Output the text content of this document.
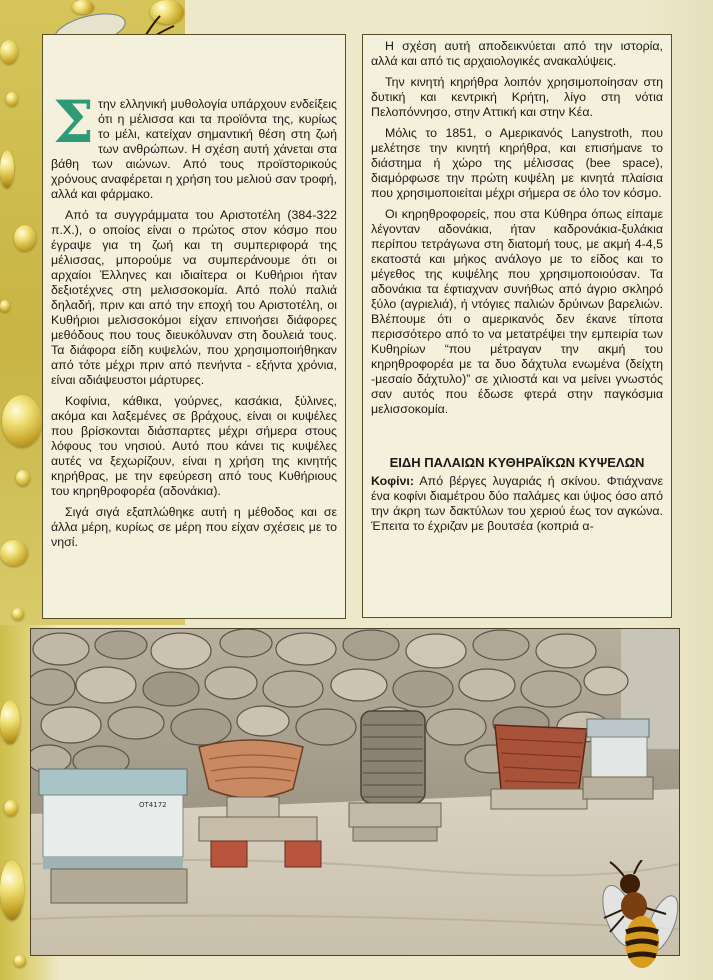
Στην ελληνική μυθολογία υπάρχουν ενδείξεις ότι η μέλισσα και τα προϊόντα της, κυρίως το μέλι, κατείχαν σημαντική θέση στη ζωή των ανθρώπων. Η σχέση αυτή χάνεται στα βάθη των αιώνων. Από τους προϊστορικούς χρόνους αναφέρεται η χρήση του μελιού σαν τροφή, αλλά και φάρμακο.

Από τα συγγράμματα του Αριστοτέλη (384-322 π.Χ.), ο οποίος είναι ο πρώτος στον κόσμο που έγραψε για τη ζωή και τη συμπεριφορά της μέλισσας, μπορούμε να συμπεράνουμε ότι οι αρχαίοι Έλληνες και ιδιαίτερα οι Κυθήριοι ήταν δεξιοτέχνες στη μελισσοκομία. Από πολύ παλιά δηλαδή, πριν και από την εποχή του Αριστοτέλη, οι Κυθήριοι μελισσοκόμοι είχαν επινοήσει διάφορες μεθόδους που τους διευκόλυναν στη δουλειά τους. Τα διάφορα είδη κυψελών, που χρησιμοποιήθηκαν από τότε μέχρι πριν από πενήντα - εξήντα χρόνια, είναι αδιάψευστοι μάρτυρες.

Κοφίνια, κάθικα, γούρνες, κασάκια, ξύλινες, ακόμα και λαξεμένες σε βράχους, είναι οι κυψέλες που βρίσκονται διάσπαρτες μέχρι σήμερα στους λόφους του νησιού. Αυτό που κάνει τις κυψέλες αυτές να ξεχωρίζουν, είναι η χρήση της κινητής κηρήθρας, με την εφεύρεση από τους Κυθήριους του κηρηθροφορέα (αδονάκια).

Σιγά σιγά εξαπλώθηκε αυτή η μέθοδος και σε άλλα μέρη, κυρίως σε μέρη που είχαν σχέσεις με το νησί.

Η σχέση αυτή αποδεικνύεται από την ιστορία, αλλά και από τις αρχαιολογικές ανακαλύψεις.

Την κινητή κηρήθρα λοιπόν χρησιμοποίησαν στη δυτική και κεντρική Κρήτη, λίγο στη νότια Πελοπόννησο, στην Αττική και στην Κέα.

Μόλις το 1851, ο Αμερικανός Lanystroth, που μελέτησε την κινητή κηρήθρα, και επισήμανε το διάστημα ή χώρο της μέλισσας (bee space), διαμόρφωσε την πρώτη κυψέλη με κινητά πλαίσια που χρησιμοποιείται μέχρι σήμερα σε όλο τον κόσμο.

Οι κηρηθροφορείς, που στα Κύθηρα όπως είπαμε λέγονταν αδονάκια, ήταν καδρονάκια-ξυλάκια περίπου τετράγωνα στη διατομή τους, με ακμή 4-4,5 εκατοστά και μήκος ανάλογο με το είδος και το μέγεθος της κυψέλης που χρησιμοποιούσαν. Τα αδονάκια τα έφτιαχναν συνήθως από άγριο σκληρό ξύλο (αγριελιά), ή ντόγιες παλιών δρύινων βαρελιών. Βλέπουμε ότι ο αμερικανός δεν έκανε τίποτα περισσότερο από το να μετατρέψει την εμπειρία των Κυθηρίων “που μέτραγαν την ακμή του κηρηθροφορέα με τα δυο δάχτυλα ενωμένα (δείχτη -μεσαίο δάχτυλο)” σε χιλιοστά και να μείνει γνωστός σαν αυτός που έδωσε φτερά στην παγκόσμια μελισσοκομία.

ΕΙΔΗ ΠΑΛΑΙΩΝ ΚΥΘΗΡΑΪΚΩΝ ΚΥΨΕΛΩΝ

Κοφίνι: Από βέργες λυγαριάς ή σκίνου. Φτιάχνανε ένα κοφίνι διαμέτρου δύο παλάμες και ύψος όσο από την άκρη των δακτύλων του χεριού έως τον αγκώνα. Έπειτα το έχριζαν με βουτσέα (κοπριά α-

ΟΤ4172
